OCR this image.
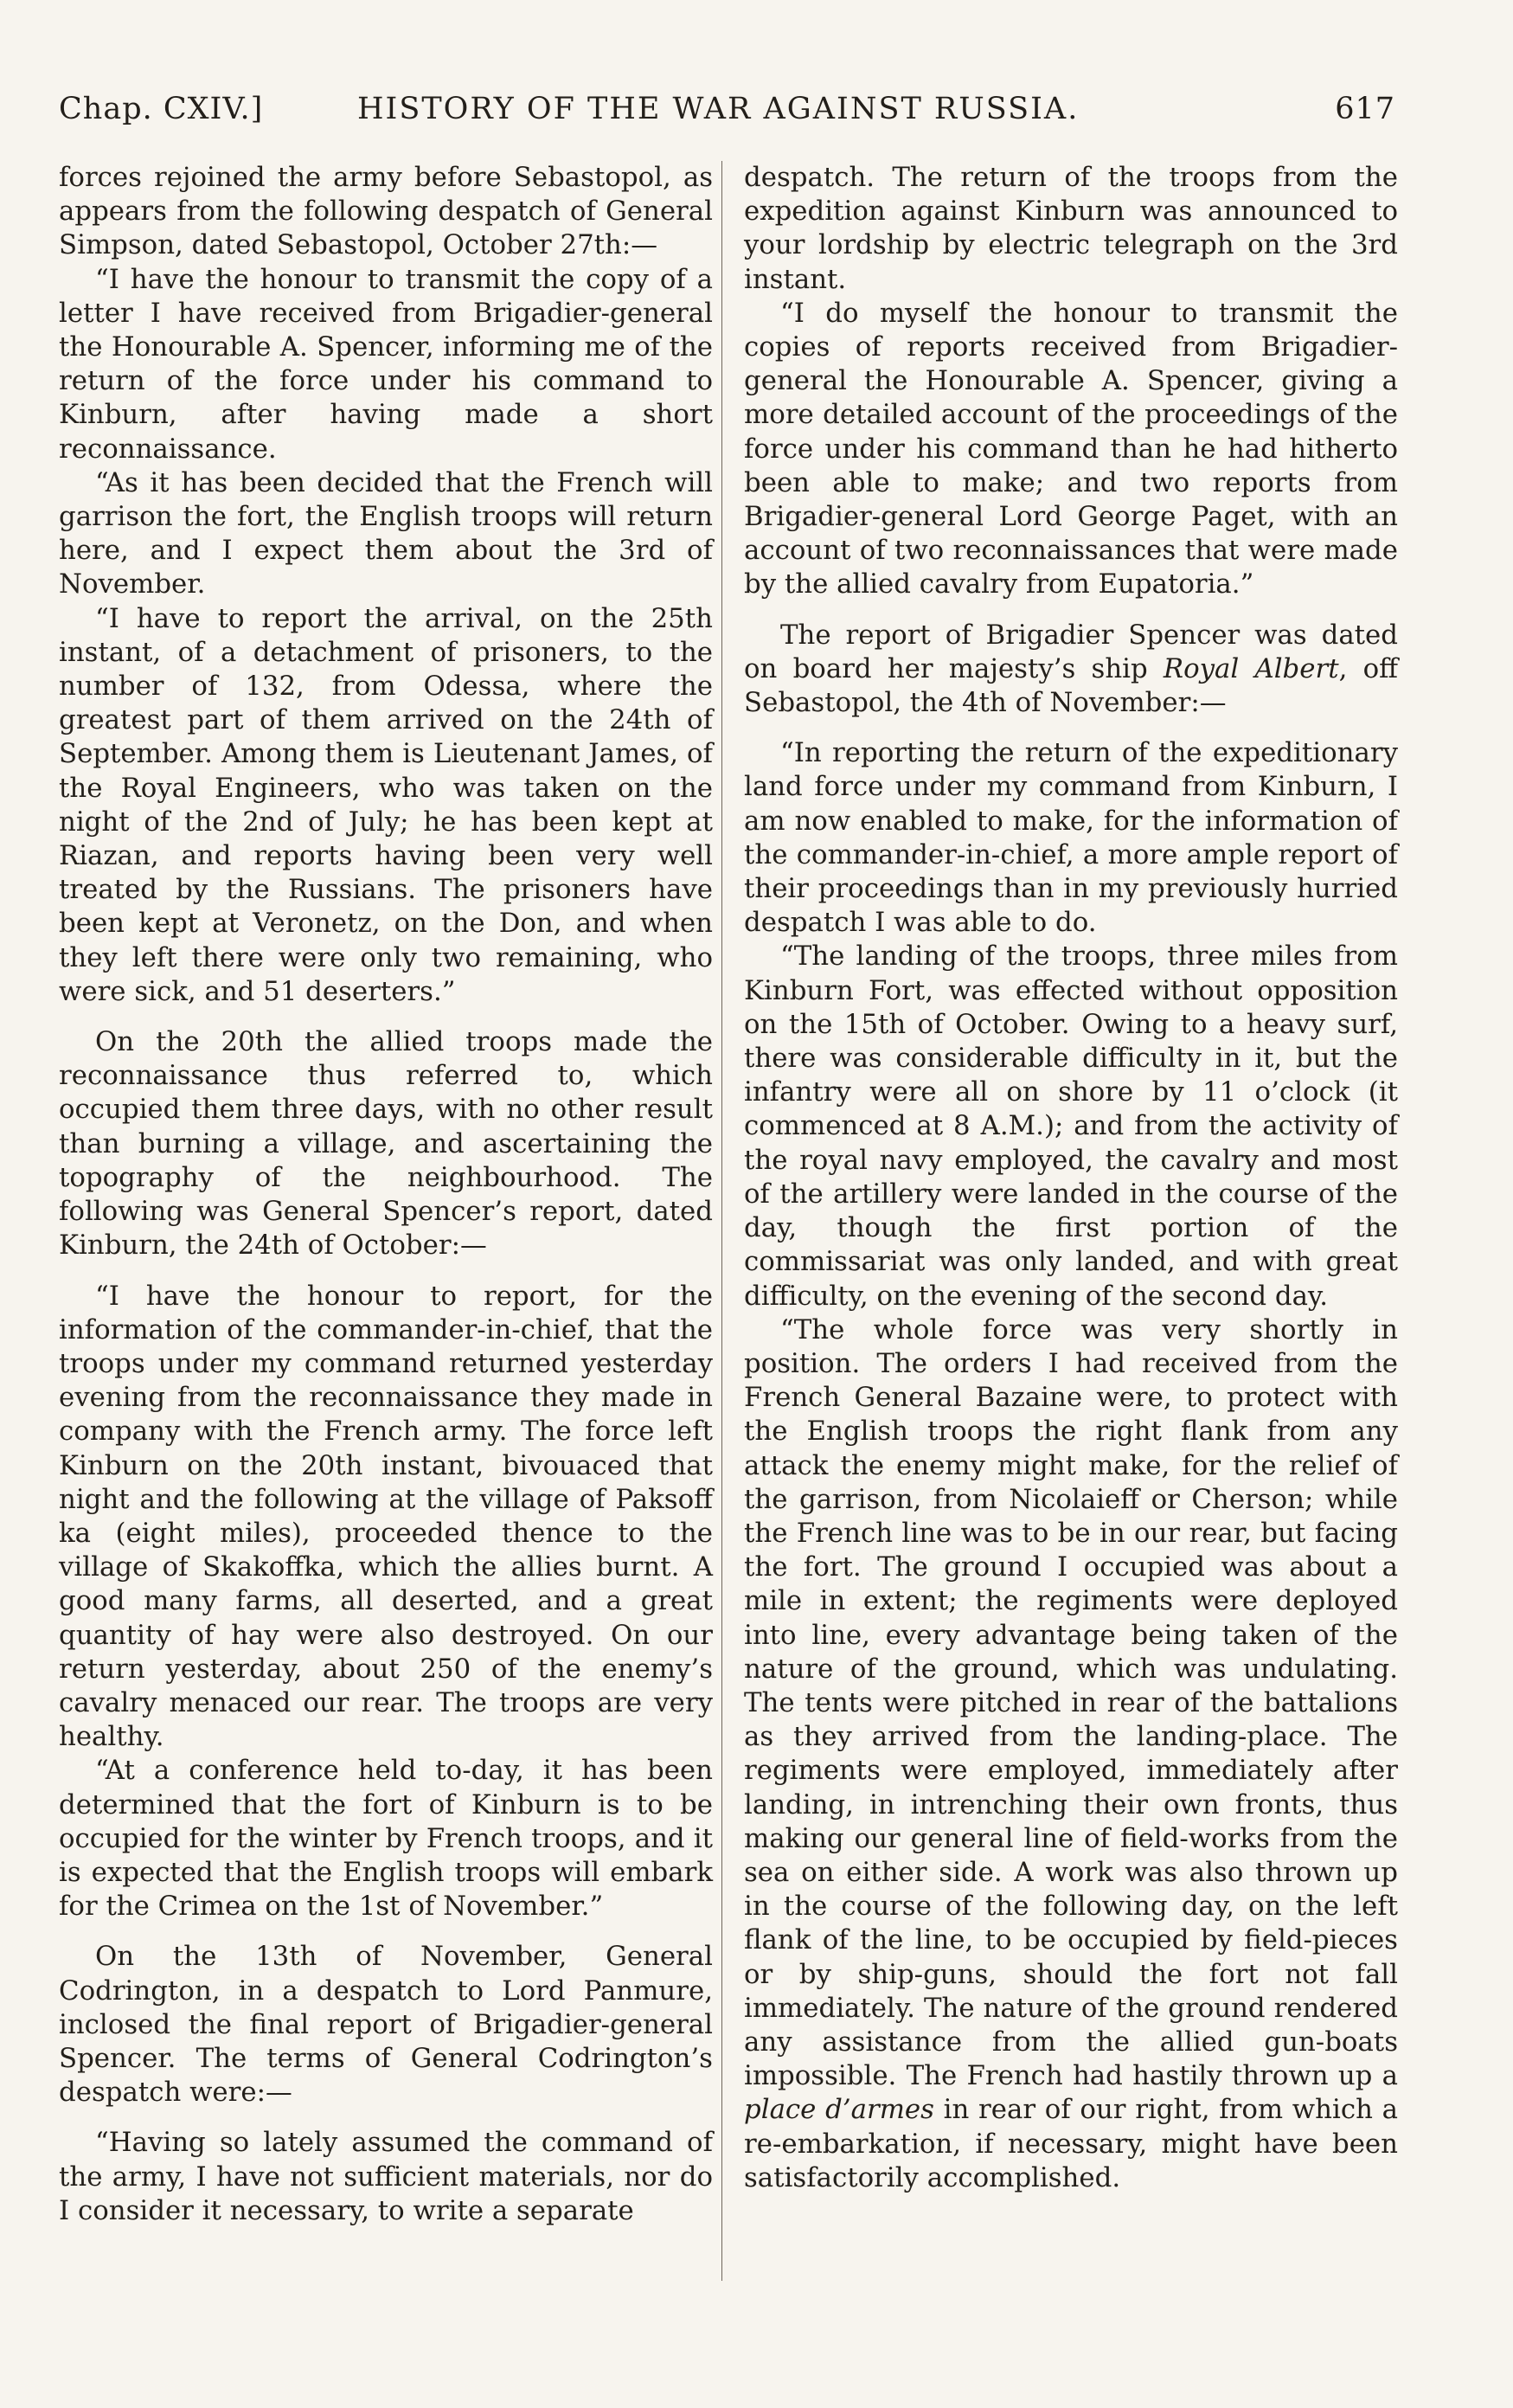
Chap. CXIV.]	HISTORY OF THE WAR AGAINST RUSSIA.	617

forces rejoined the army before Sebastopol, as appears from the following despatch of General Simpson, dated Sebastopol, October 27th:—

“I have the honour to transmit the copy of a letter I have received from Brigadier-general the Honourable A. Spencer, informing me of the return of the force under his command to Kinburn, after having made a short reconnaissance.

“As it has been decided that the French will garrison the fort, the English troops will return here, and I expect them about the 3rd of November.

“I have to report the arrival, on the 25th instant, of a detachment of prisoners, to the number of 132, from Odessa, where the greatest part of them arrived on the 24th of September. Among them is Lieutenant James, of the Royal Engineers, who was taken on the night of the 2nd of July; he has been kept at Riazan, and reports having been very well treated by the Russians. The prisoners have been kept at Veronetz, on the Don, and when they left there were only two remaining, who were sick, and 51 deserters.”

On the 20th the allied troops made the reconnaissance thus referred to, which occupied them three days, with no other result than burning a village, and ascertaining the topography of the neighbourhood. The following was General Spencer’s report, dated Kinburn, the 24th of October:—

“I have the honour to report, for the information of the commander-in-chief, that the troops under my command returned yesterday evening from the reconnaissance they made in company with the French army. The force left Kinburn on the 20th instant, bivouaced that night and the following at the village of Paksoff ka (eight miles), proceeded thence to the village of Skakoffka, which the allies burnt. A good many farms, all deserted, and a great quantity of hay were also destroyed. On our return yesterday, about 250 of the enemy’s cavalry menaced our rear. The troops are very healthy.

“At a conference held to-day, it has been determined that the fort of Kinburn is to be occupied for the winter by French troops, and it is expected that the English troops will embark for the Crimea on the 1st of November.”

On the 13th of November, General Codrington, in a despatch to Lord Panmure, inclosed the final report of Brigadier-general Spencer. The terms of General Codrington’s despatch were:—

“Having so lately assumed the command of the army, I have not sufficient materials, nor do I consider it necessary, to write a separate

despatch. The return of the troops from the expedition against Kinburn was announced to your lordship by electric telegraph on the 3rd instant.

“I do myself the honour to transmit the copies of reports received from Brigadier-general the Honourable A. Spencer, giving a more detailed account of the proceedings of the force under his command than he had hitherto been able to make; and two reports from Brigadier-general Lord George Paget, with an account of two reconnaissances that were made by the allied cavalry from Eupatoria.”

The report of Brigadier Spencer was dated on board her majesty’s ship Royal Albert, off Sebastopol, the 4th of November:—

“In reporting the return of the expeditionary land force under my command from Kinburn, I am now enabled to make, for the information of the commander-in-chief, a more ample report of their proceedings than in my previously hurried despatch I was able to do.

“The landing of the troops, three miles from Kinburn Fort, was effected without opposition on the 15th of October. Owing to a heavy surf, there was considerable difficulty in it, but the infantry were all on shore by 11 o’clock (it commenced at 8 A.M.); and from the activity of the royal navy employed, the cavalry and most of the artillery were landed in the course of the day, though the first portion of the commissariat was only landed, and with great difficulty, on the evening of the second day.

“The whole force was very shortly in position. The orders I had received from the French General Bazaine were, to protect with the English troops the right flank from any attack the enemy might make, for the relief of the garrison, from Nicolaieff or Cherson; while the French line was to be in our rear, but facing the fort. The ground I occupied was about a mile in extent; the regiments were deployed into line, every advantage being taken of the nature of the ground, which was undulating. The tents were pitched in rear of the battalions as they arrived from the landing-place. The regiments were employed, immediately after landing, in intrenching their own fronts, thus making our general line of field-works from the sea on either side. A work was also thrown up in the course of the following day, on the left flank of the line, to be occupied by field-pieces or by ship-guns, should the fort not fall immediately. The nature of the ground rendered any assistance from the allied gun-boats impossible. The French had hastily thrown up a place d’armes in rear of our right, from which a re-embarkation, if necessary, might have been satisfactorily accomplished.
